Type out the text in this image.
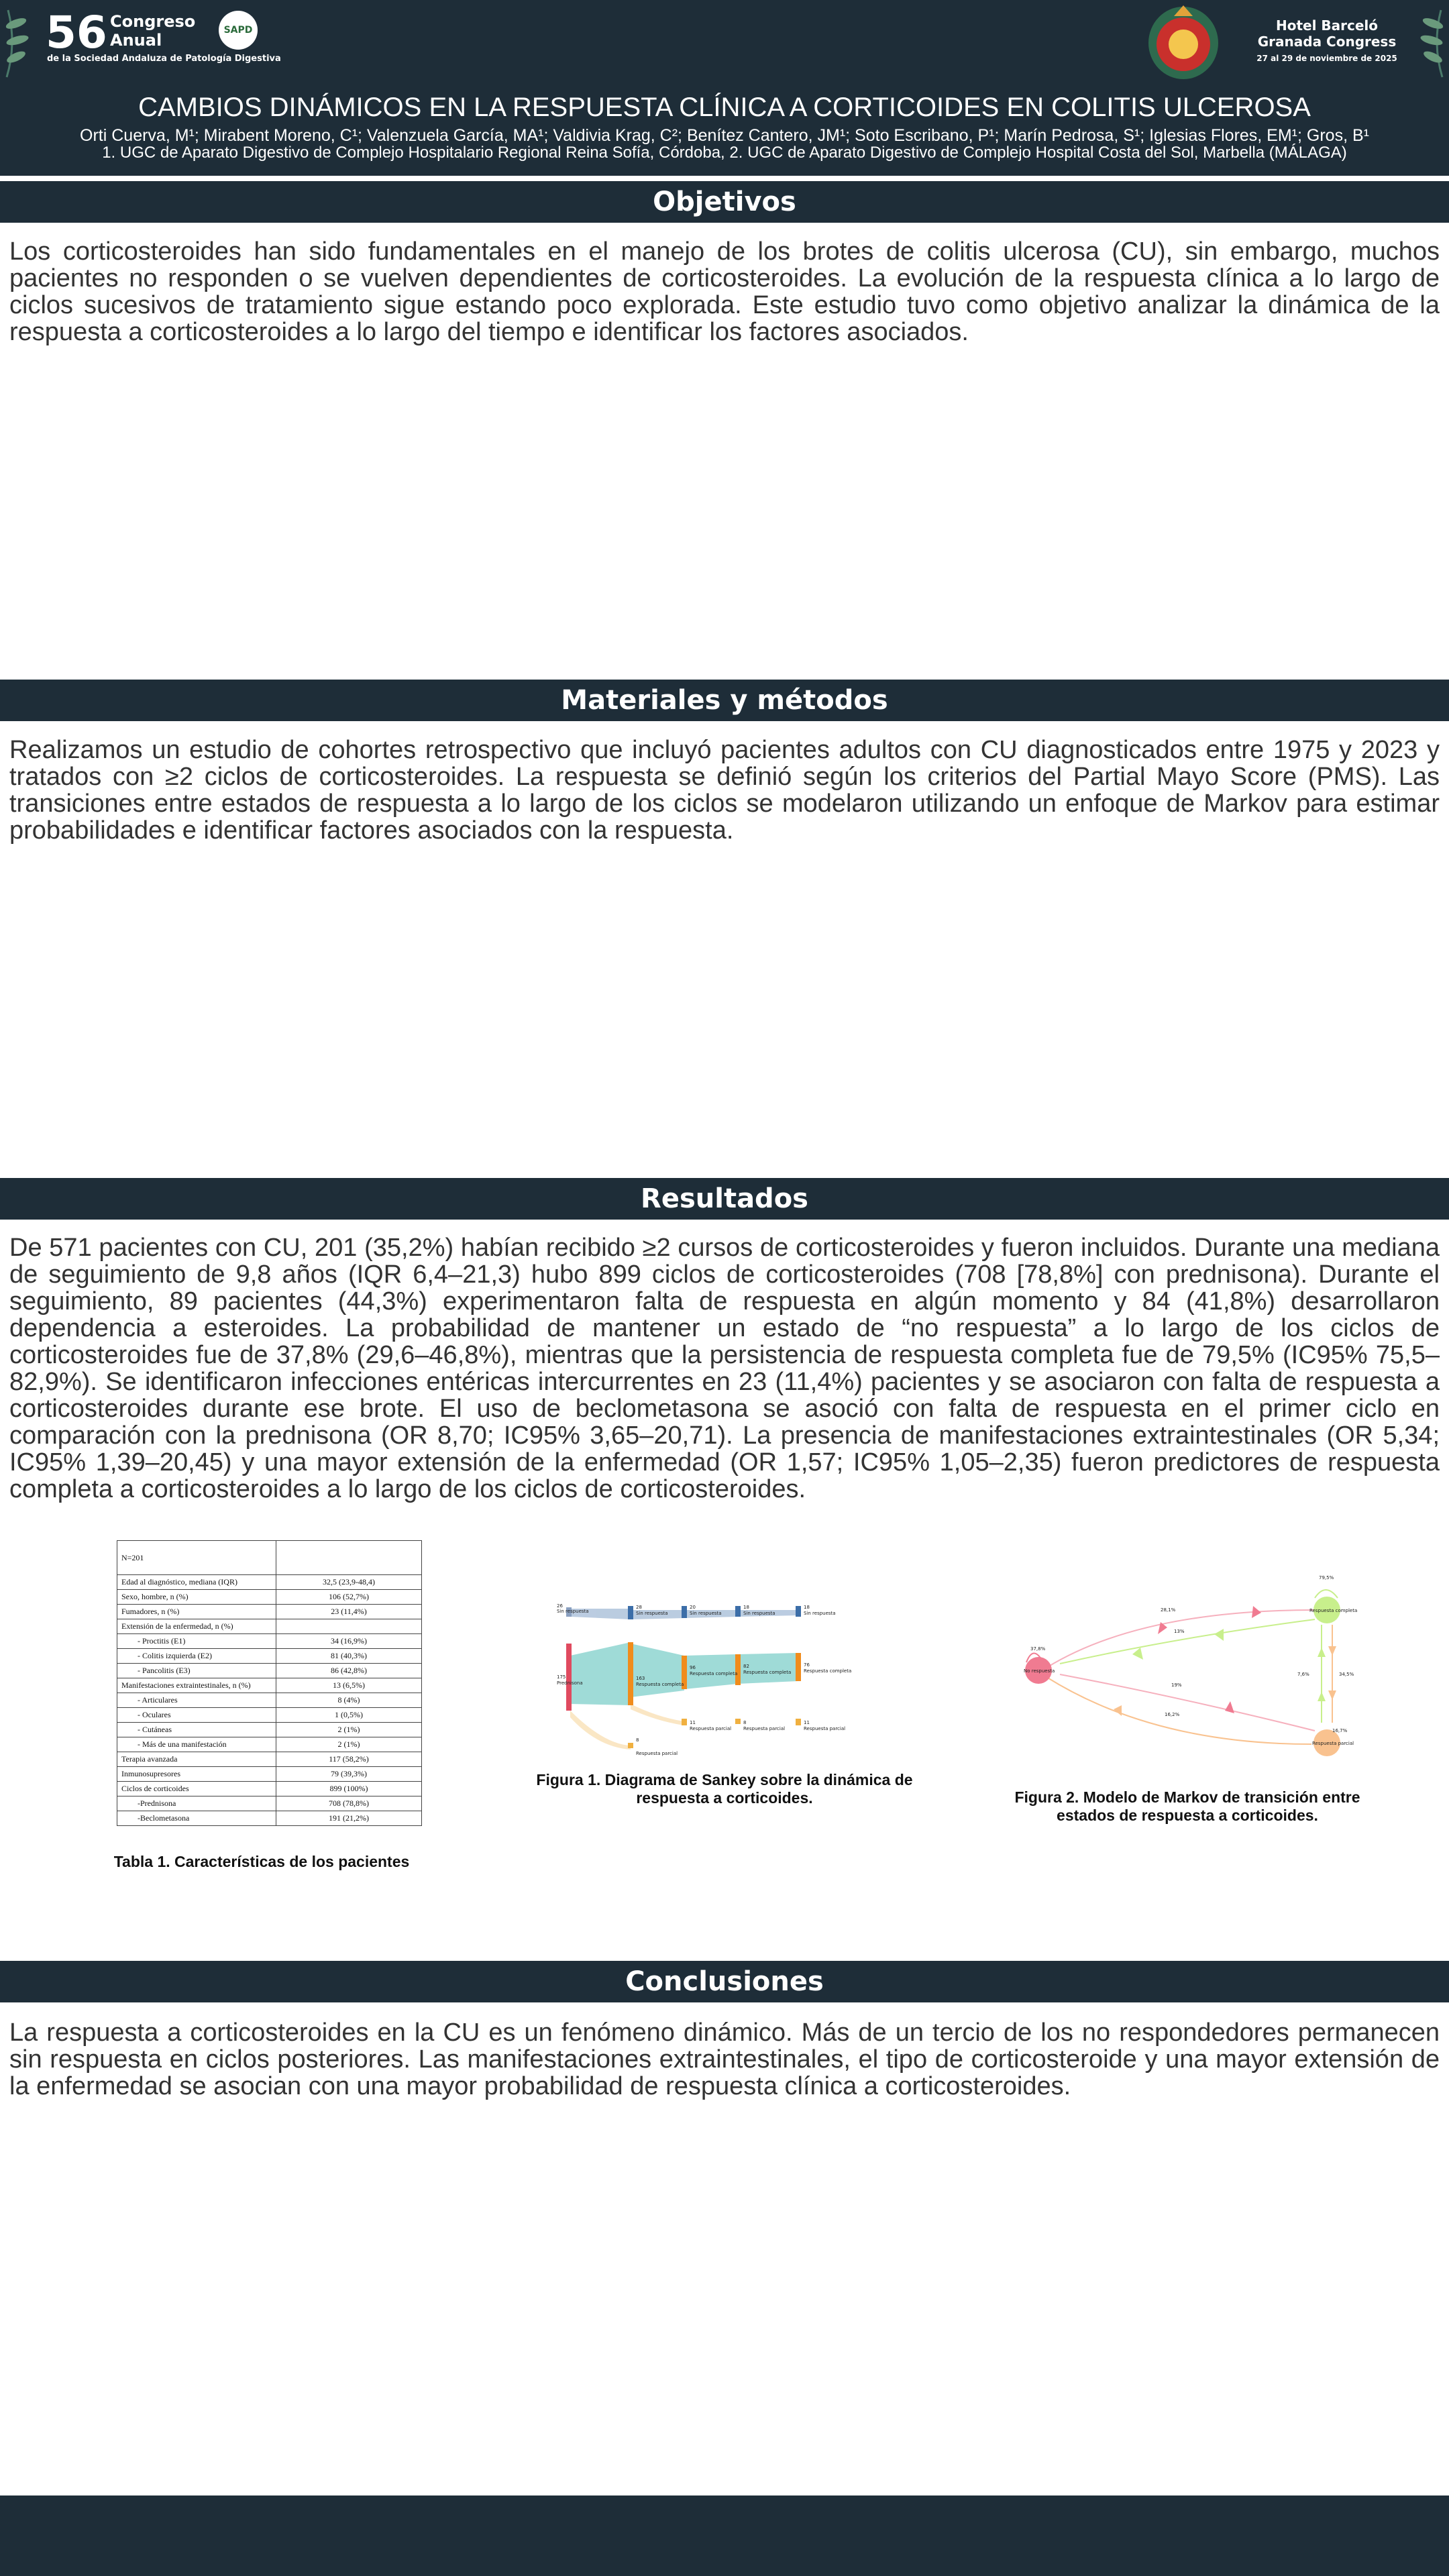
56 Congreso
Anual
de la Sociedad Andaluza de Patología Digestiva
SAPD	Hotel Barceló
Granada Congress
27 al 29 de noviembre de 2025
CAMBIOS DINÁMICOS EN LA RESPUESTA CLÍNICA A CORTICOIDES EN COLITIS ULCEROSA
Orti Cuerva, M¹; Mirabent Moreno, C¹; Valenzuela García, MA¹; Valdivia Krag, C²; Benítez Cantero, JM¹; Soto Escribano, P¹; Marín Pedrosa, S¹; Iglesias Flores, EM¹; Gros, B¹
1. UGC de Aparato Digestivo de Complejo Hospitalario Regional Reina Sofía, Córdoba, 2. UGC de Aparato Digestivo de Complejo Hospital Costa del Sol, Marbella (MÁLAGA)
Objetivos
Los corticosteroides han sido fundamentales en el manejo de los brotes de colitis ulcerosa (CU), sin embargo, muchos pacientes no responden o se vuelven dependientes de corticosteroides. La evolución de la respuesta clínica a lo largo de ciclos sucesivos de tratamiento sigue estando poco explorada. Este estudio tuvo como objetivo analizar la dinámica de la respuesta a corticosteroides a lo largo del tiempo e identificar los factores asociados.
Materiales y métodos
Realizamos un estudio de cohortes retrospectivo que incluyó pacientes adultos con CU diagnosticados entre 1975 y 2023 y tratados con ≥2 ciclos de corticosteroides. La respuesta se definió según los criterios del Partial Mayo Score (PMS). Las transiciones entre estados de respuesta a lo largo de los ciclos se modelaron utilizando un enfoque de Markov para estimar probabilidades e identificar factores asociados con la respuesta.
Resultados
De 571 pacientes con CU, 201 (35,2%) habían recibido ≥2 cursos de corticosteroides y fueron incluidos. Durante una mediana de seguimiento de 9,8 años (IQR 6,4–21,3) hubo 899 ciclos de corticosteroides (708 [78,8%] con prednisona). Durante el seguimiento, 89 pacientes (44,3%) experimentaron falta de respuesta en algún momento y 84 (41,8%) desarrollaron dependencia a esteroides. La probabilidad de mantener un estado de “no respuesta” a lo largo de los ciclos de corticosteroides fue de 37,8% (29,6–46,8%), mientras que la persistencia de respuesta completa fue de 79,5% (IC95% 75,5–82,9%). Se identificaron infecciones entéricas intercurrentes en 23 (11,4%) pacientes y se asociaron con falta de respuesta a corticosteroides durante ese brote. El uso de beclometasona se asoció con falta de respuesta en el primer ciclo en comparación con la prednisona (OR 8,70; IC95% 3,65–20,71). La presencia de manifestaciones extraintestinales (OR 5,34; IC95% 1,39–20,45) y una mayor extensión de la enfermedad (OR 1,57; IC95% 1,05–2,35) fueron predictores de respuesta completa a corticosteroides a lo largo de los ciclos de corticosteroides.
N=201	
Edad al diagnóstico, mediana (IQR)	32,5 (23,9-48,4)
Sexo, hombre, n (%)	106 (52,7%)
Fumadores, n (%)	23 (11,4%)
Extensión de la enfermedad, n (%)	
- Proctitis (E1)	34 (16,9%)
- Colitis izquierda (E2)	81 (40,3%)
- Pancolitis (E3)	86 (42,8%)
Manifestaciones extraintestinales, n (%)	13 (6,5%)
- Articulares	8 (4%)
- Oculares	1 (0,5%)
- Cutáneas	2 (1%)
- Más de una manifestación	2 (1%)
Terapia avanzada	117 (58,2%)
Inmunosupresores	79 (39,3%)
Ciclos de corticoides	899 (100%)
-Prednisona	708 (78,8%)
-Beclometasona	191 (21,2%)
Tabla 1. Características de los pacientes
26
Sin respuesta
28
Sin respuesta
20
Sin respuesta
18
Sin respuesta
18
Sin respuesta
175
Prednisona
163
Respuesta completa
96
Respuesta completa
82
Respuesta completa
76
Respuesta completa
8
Respuesta parcial
11
Respuesta parcial
8
Respuesta parcial
11
Respuesta parcial
Figura 1. Diagrama de Sankey sobre la dinámica de respuesta a corticoides.
No respuesta
Respuesta completa
Respuesta parcial
37,8%
79,5%
28,1%
16,7%
13%
7,6%
19%
34,5%
16,2%
Figura 2. Modelo de Markov de transición entre estados de respuesta a corticoides.
Conclusiones
La respuesta a corticosteroides en la CU es un fenómeno dinámico. Más de un tercio de los no respondedores permanecen sin respuesta en ciclos posteriores. Las manifestaciones extraintestinales, el tipo de corticosteroide y una mayor extensión de la enfermedad se asocian con una mayor probabilidad de respuesta clínica a corticosteroides.
